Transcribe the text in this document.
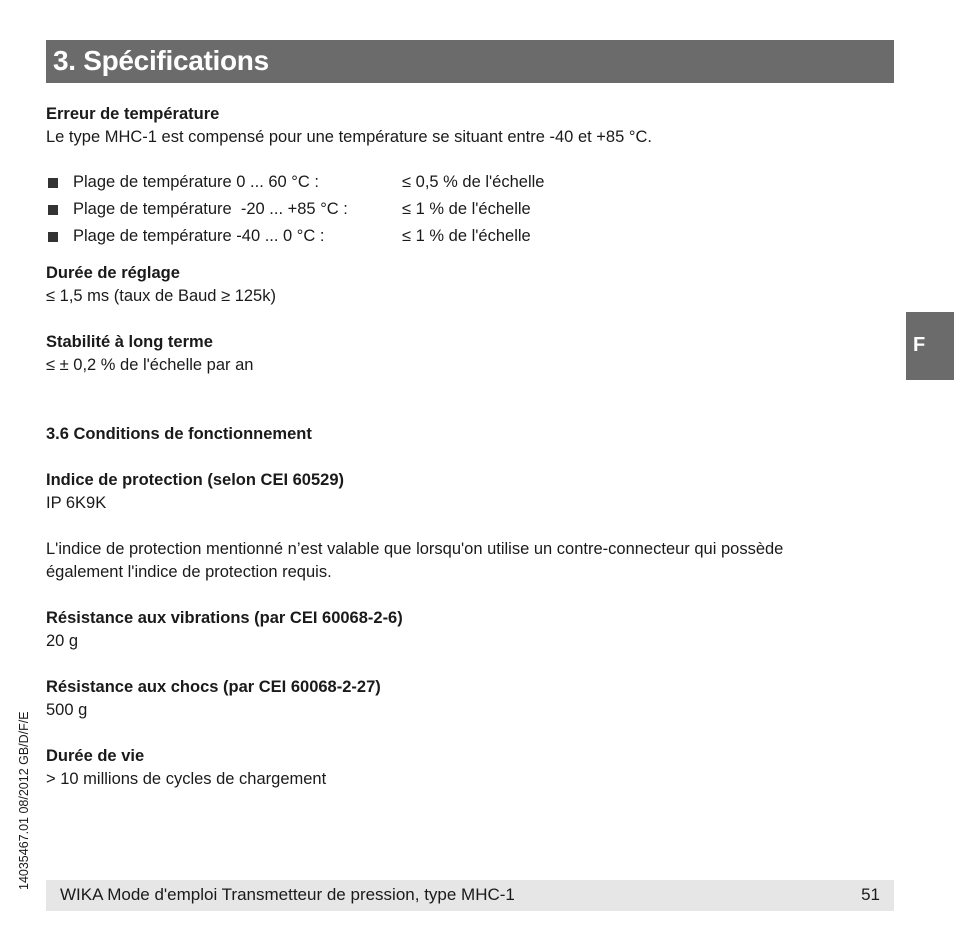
3. Spécifications
F
Erreur de température
Le type MHC-1 est compensé pour une température se situant entre -40 et +85 °C.
Plage de température 0 ... 60 °C :	≤ 0,5 % de l'échelle
Plage de température  -20 ... +85 °C :	≤ 1 % de l'échelle
Plage de température -40 ... 0 °C :	≤ 1 % de l'échelle
Durée de réglage
≤ 1,5 ms (taux de Baud ≥ 125k)
Stabilité à long terme
≤ ± 0,2 % de l'échelle par an
3.6 Conditions de fonctionnement
Indice de protection (selon CEI 60529)
IP 6K9K
L'indice de protection mentionné n’est valable que lorsqu'on utilise un contre-connecteur qui possède
également l'indice de protection requis.
Résistance aux vibrations (par CEI 60068-2-6)
20 g
Résistance aux chocs (par CEI 60068-2-27)
500 g
Durée de vie
> 10 millions de cycles de chargement
14035467.01 08/2012 GB/D/F/E
WIKA Mode d'emploi Transmetteur de pression, type MHC-1	51
